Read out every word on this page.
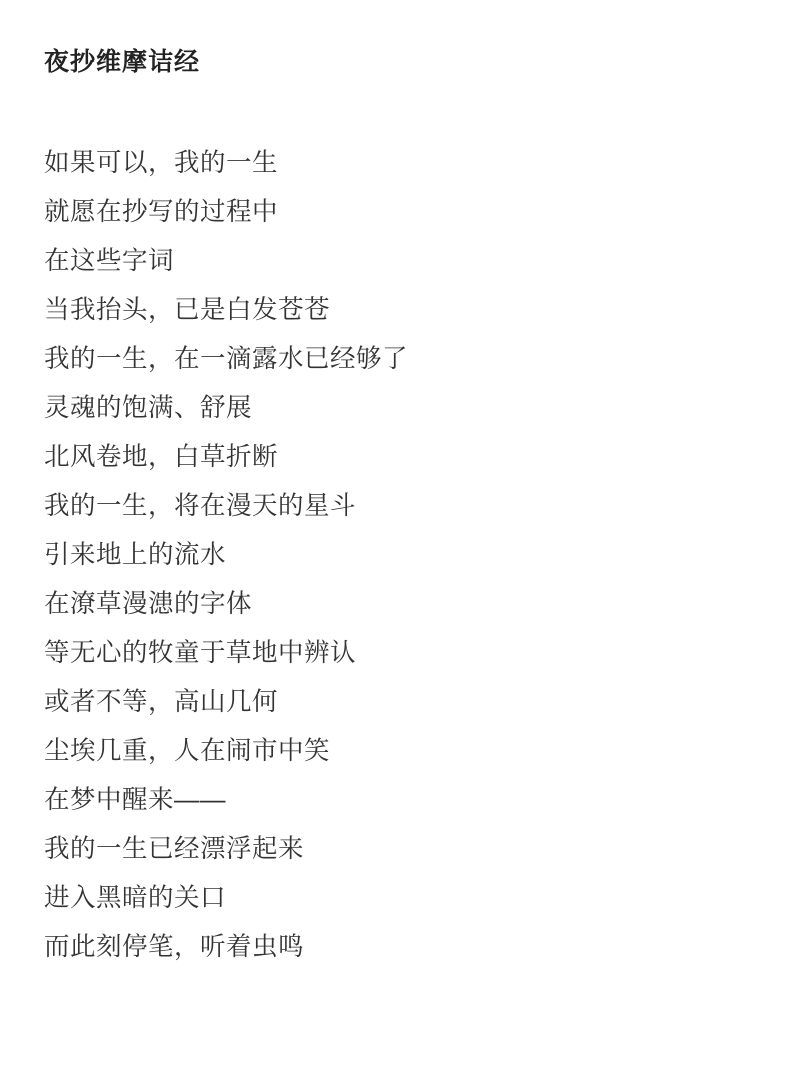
夜抄维摩诘经
如果可以，我的一生
就愿在抄写的过程中
在这些字词
当我抬头，已是白发苍苍
我的一生，在一滴露水已经够了
灵魂的饱满、舒展
北风卷地，白草折断
我的一生，将在漫天的星斗
引来地上的流水
在潦草漫漶的字体
等无心的牧童于草地中辨认
或者不等，高山几何
尘埃几重，人在闹市中笑
在梦中醒来——
我的一生已经漂浮起来
进入黑暗的关口
而此刻停笔，听着虫鸣
